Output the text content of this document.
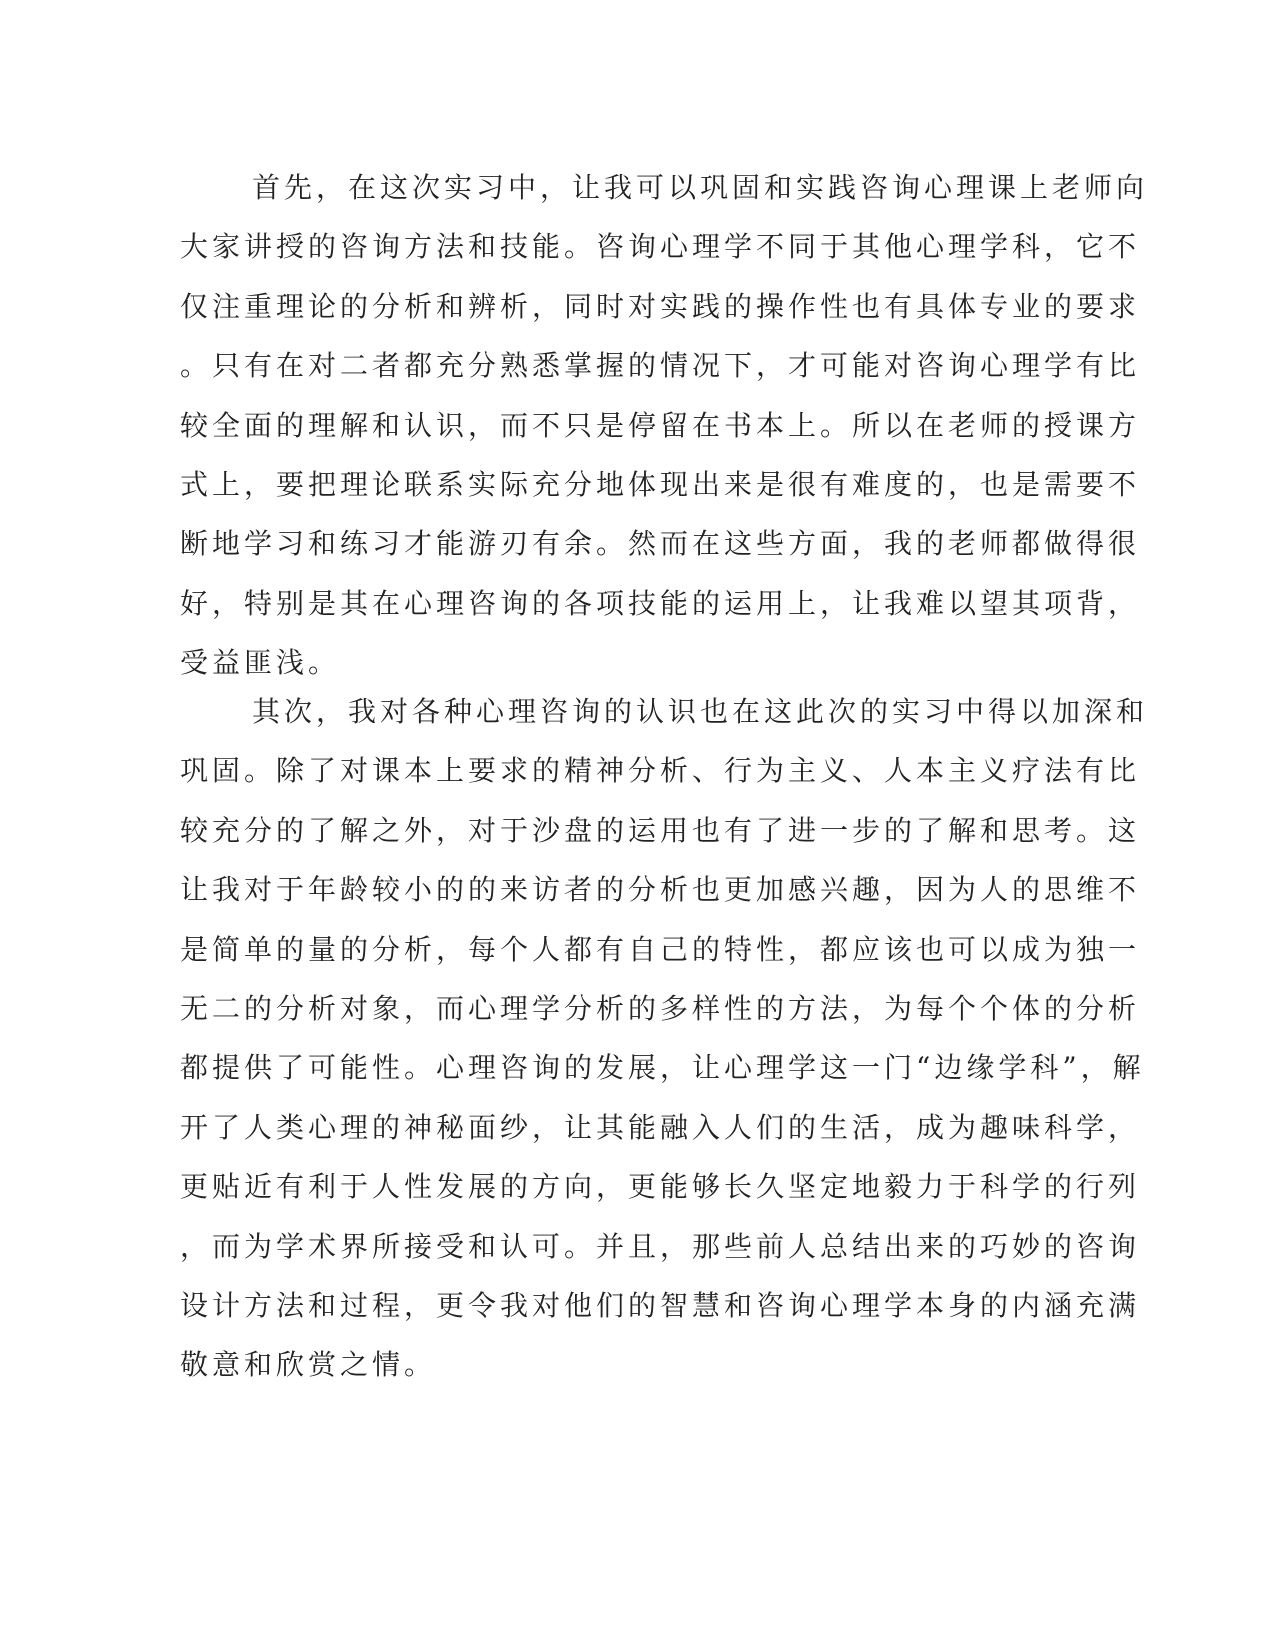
首先，在这次实习中，让我可以巩固和实践咨询心理课上老师向
大家讲授的咨询方法和技能。咨询心理学不同于其他心理学科，它不
仅注重理论的分析和辨析，同时对实践的操作性也有具体专业的要求
。只有在对二者都充分熟悉掌握的情况下，才可能对咨询心理学有比
较全面的理解和认识，而不只是停留在书本上。所以在老师的授课方
式上，要把理论联系实际充分地体现出来是很有难度的，也是需要不
断地学习和练习才能游刃有余。然而在这些方面，我的老师都做得很
好，特别是其在心理咨询的各项技能的运用上，让我难以望其项背，
受益匪浅。
其次，我对各种心理咨询的认识也在这此次的实习中得以加深和
巩固。除了对课本上要求的精神分析、行为主义、人本主义疗法有比
较充分的了解之外，对于沙盘的运用也有了进一步的了解和思考。这
让我对于年龄较小的的来访者的分析也更加感兴趣，因为人的思维不
是简单的量的分析，每个人都有自己的特性，都应该也可以成为独一
无二的分析对象，而心理学分析的多样性的方法，为每个个体的分析
都提供了可能性。心理咨询的发展，让心理学这一门“边缘学科”，解
开了人类心理的神秘面纱，让其能融入人们的生活，成为趣味科学，
更贴近有利于人性发展的方向，更能够长久坚定地毅力于科学的行列
，而为学术界所接受和认可。并且，那些前人总结出来的巧妙的咨询
设计方法和过程，更令我对他们的智慧和咨询心理学本身的内涵充满
敬意和欣赏之情。
